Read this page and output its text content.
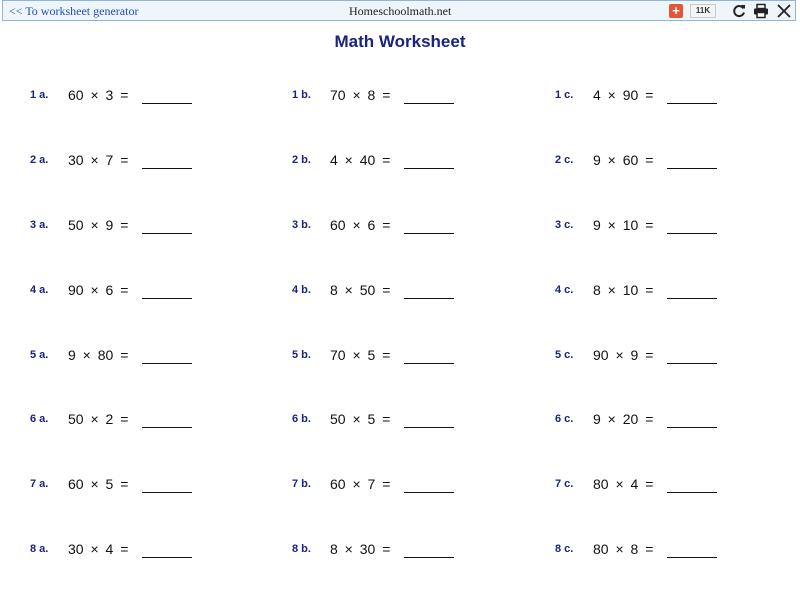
<< To worksheet generator	Homeschoolmath.net	+	11K
Math Worksheet
1 a. 60 × 3 =
2 a. 30 × 7 =
3 a. 50 × 9 =
4 a. 90 × 6 =
5 a. 9 × 80 =
6 a. 50 × 2 =
7 a. 60 × 5 =
8 a. 30 × 4 =
1 b. 70 × 8 =
2 b. 4 × 40 =
3 b. 60 × 6 =
4 b. 8 × 50 =
5 b. 70 × 5 =
6 b. 50 × 5 =
7 b. 60 × 7 =
8 b. 8 × 30 =
1 c. 4 × 90 =
2 c. 9 × 60 =
3 c. 9 × 10 =
4 c. 8 × 10 =
5 c. 90 × 9 =
6 c. 9 × 20 =
7 c. 80 × 4 =
8 c. 80 × 8 =
